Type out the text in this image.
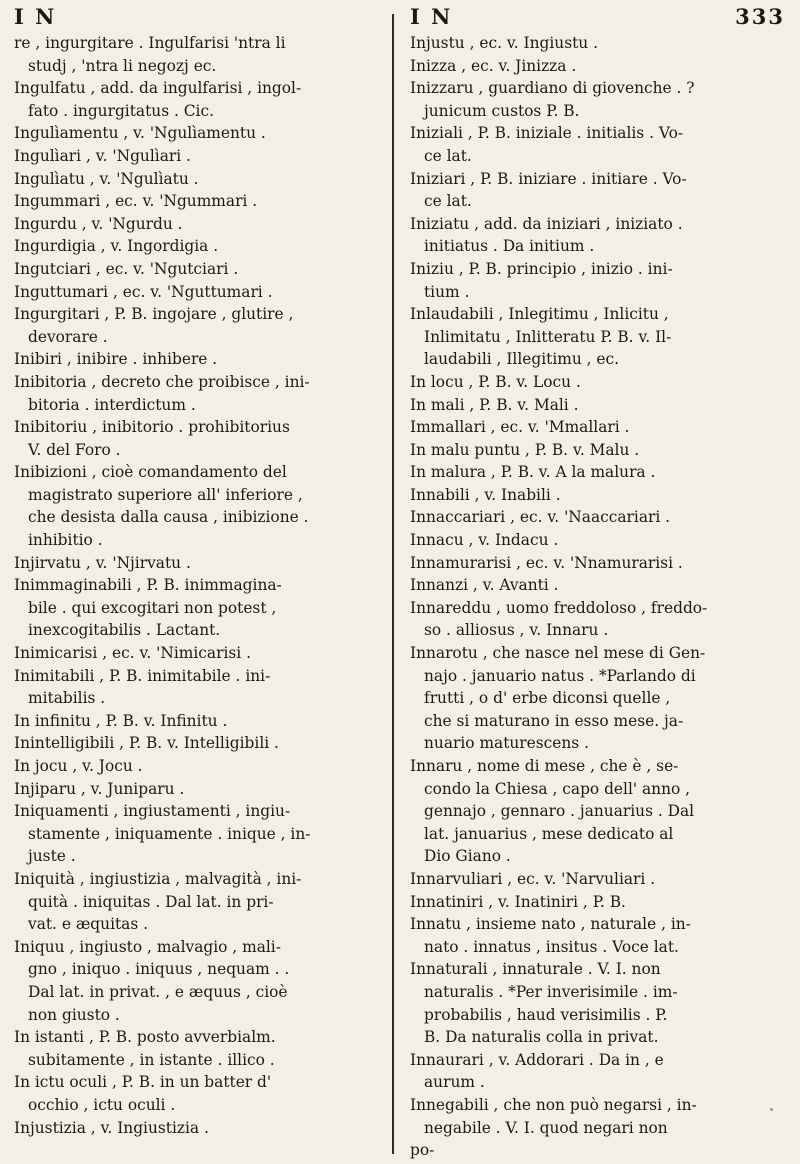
I N	I N	333
re , ingurgitare . Ingulfarisi 'ntra li
studj , 'ntra li negozj ec.
Ingulfatu , add. da ingulfarisi , ingol-
fato . ingurgitatus . Cic.
Ingulìamentu , v. 'Ngulìamentu .
Ingulìari , v. 'Ngulìari .
Ingulìatu , v. 'Ngulìatu .
Ingummari , ec. v. 'Ngummari .
Ingurdu , v. 'Ngurdu .
Ingurdigia , v. Ingordigia .
Ingutciari , ec. v. 'Ngutciari .
Inguttumari , ec. v. 'Nguttumari .
Ingurgitari , P. B. ingojare , glutire ,
devorare .
Inibiri , inibire . inhibere .
Inibitoria , decreto che proibisce , ini-
bitoria . interdictum .
Inibitoriu , inibitorio . prohibitorius
V. del Foro .
Inibizioni , cioè comandamento del
magistrato superiore all' inferiore ,
che desista dalla causa , inibizione .
inhibitio .
Injirvatu , v. 'Njirvatu .
Inimmaginabili , P. B. inimmagina-
bile . qui excogitari non potest ,
inexcogitabilis . Lactant.
Inimicarisi , ec. v. 'Nimicarisi .
Inimitabili , P. B. inimitabile . ini-
mitabilis .
In infinitu , P. B. v. Infinitu .
Inintelligibili , P. B. v. Intelligibili .
In jocu , v. Jocu .
Injiparu , v. Juniparu .
Iniquamenti , ingiustamenti , ingiu-
stamente , iniquamente . inique , in-
juste .
Iniquità , ingiustizia , malvagità , ini-
quità . iniquitas . Dal lat. in pri-
vat. e æquitas .
Iniquu , ingiusto , malvagio , mali-
gno , iniquo . iniquus , nequam . .
Dal lat. in privat. , e æquus , cioè
non giusto .
In istanti , P. B. posto avverbialm.
subitamente , in istante . illico .
In ictu oculi , P. B. in un batter d'
occhio , ictu oculi .
Injustizia , v. Ingiustizia .
Injustu , ec. v. Ingiustu .
Inizza , ec. v. Jinizza .
Inizzaru , guardiano di giovenche . ?
junicum custos P. B.
Iniziali , P. B. iniziale . initialis . Vo-
ce lat.
Iniziari , P. B. iniziare . initiare . Vo-
ce lat.
Iniziatu , add. da iniziari , iniziato .
initiatus . Da initium .
Iniziu , P. B. principio , inizio . ini-
tium .
Inlaudabili , Inlegitimu , Inlicitu ,
Inlimitatu , Inlitteratu P. B. v. Il-
laudabili , Illegitimu , ec.
In locu , P. B. v. Locu .
In mali , P. B. v. Mali .
Immallari , ec. v. 'Mmallari .
In malu puntu , P. B. v. Malu .
In malura , P. B. v. A la malura .
Innabili , v. Inabili .
Innaccariari , ec. v. 'Naaccariari .
Innacu , v. Indacu .
Innamurarisi , ec. v. 'Nnamurarisi .
Innanzi , v. Avanti .
Innareddu , uomo freddoloso , freddo-
so . alliosus , v. Innaru .
Innarotu , che nasce nel mese di Gen-
najo . januario natus . *Parlando di
frutti , o d' erbe diconsi quelle ,
che si maturano in esso mese. ja-
nuario maturescens .
Innaru , nome di mese , che è , se-
condo la Chiesa , capo dell' anno ,
gennajo , gennaro . januarius . Dal
lat. januarius , mese dedicato al
Dio Giano .
Innarvuliari , ec. v. 'Narvuliari .
Innatiniri , v. Inatiniri , P. B.
Innatu , insieme nato , naturale , in-
nato . innatus , insitus . Voce lat.
Innaturali , innaturale . V. I. non
naturalis . *Per inverisimile . im-
probabilis , haud verisimilis . P.
B. Da naturalis colla in privat.
Innaurari , v. Addorari . Da in , e
aurum .
Innegabili , che non può negarsi , in-
negabile . V. I. quod negari non
po-
